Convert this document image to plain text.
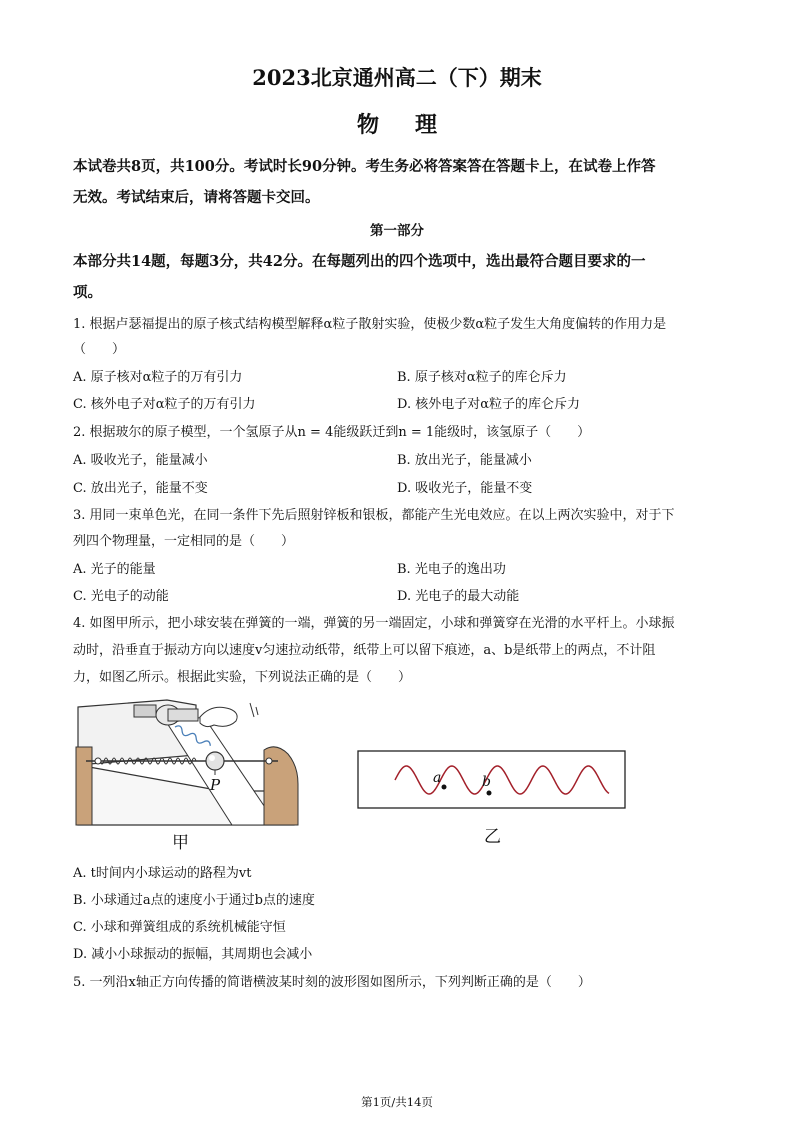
2023北京通州高二（下）期末
物理
本试卷共8页，共100分。考试时长90分钟。考生务必将答案答在答题卡上，在试卷上作答
无效。考试结束后，请将答题卡交回。
第一部分
本部分共14题，每题3分，共42分。在每题列出的四个选项中，选出最符合题目要求的一
项。
1. 根据卢瑟福提出的原子核式结构模型解释α粒子散射实验，使极少数α粒子发生大角度偏转的作用力是
（　　）
A. 原子核对α粒子的万有引力	B. 原子核对α粒子的库仑斥力
C. 核外电子对α粒子的万有引力	D. 核外电子对α粒子的库仑斥力
2. 根据玻尔的原子模型，一个氢原子从n = 4能级跃迁到n = 1能级时，该氢原子（　　）
A. 吸收光子，能量减小	B. 放出光子，能量减小
C. 放出光子，能量不变	D. 吸收光子，能量不变
3. 用同一束单色光，在同一条件下先后照射锌板和银板，都能产生光电效应。在以上两次实验中，对于下
列四个物理量，一定相同的是（　　）
A. 光子的能量	B. 光电子的逸出功
C. 光电子的动能	D. 光电子的最大动能
4. 如图甲所示，把小球安装在弹簧的一端，弹簧的另一端固定，小球和弹簧穿在光滑的水平杆上。小球振
动时，沿垂直于振动方向以速度v匀速拉动纸带，纸带上可以留下痕迹，a、b是纸带上的两点，不计阻
力，如图乙所示。根据此实验，下列说法正确的是（　　）
P
甲
a	b
乙
A. t时间内小球运动的路程为vt
B. 小球通过a点的速度小于通过b点的速度
C. 小球和弹簧组成的系统机械能守恒
D. 减小小球振动的振幅，其周期也会减小
5. 一列沿x轴正方向传播的简谐横波某时刻的波形图如图所示，下列判断正确的是（　　）
第1页/共14页
